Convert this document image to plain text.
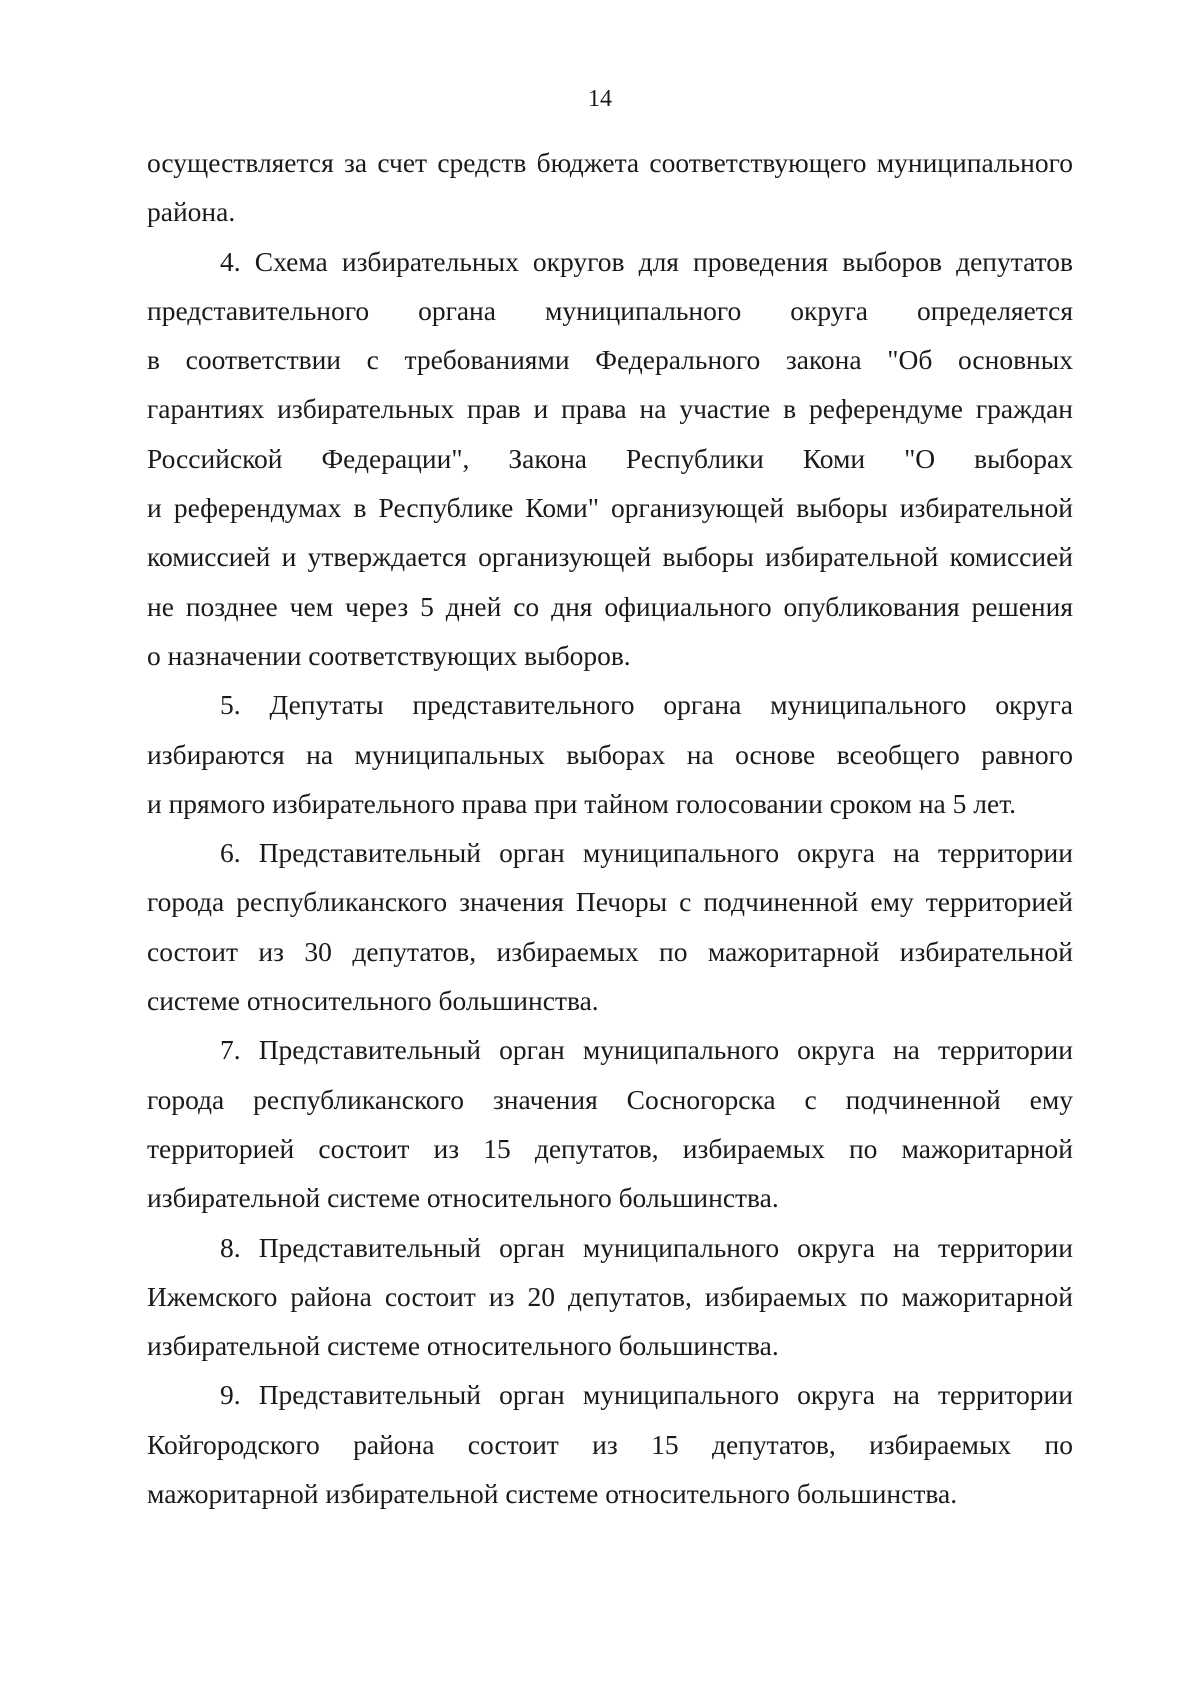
14

осуществляется за счет средств бюджета соответствующего муниципального
района.

4. Схема избирательных округов для проведения выборов депутатов
представительного органа муниципального округа определяется
в соответствии с требованиями Федерального закона "Об основных
гарантиях избирательных прав и права на участие в референдуме граждан
Российской Федерации", Закона Республики Коми "О выборах
и референдумах в Республике Коми" организующей выборы избирательной
комиссией и утверждается организующей выборы избирательной комиссией
не позднее чем через 5 дней со дня официального опубликования решения
о назначении соответствующих выборов.

5. Депутаты представительного органа муниципального округа
избираются на муниципальных выборах на основе всеобщего равного
и прямого избирательного права при тайном голосовании сроком на 5 лет.

6. Представительный орган муниципального округа на территории
города республиканского значения Печоры с подчиненной ему территорией
состоит из 30 депутатов, избираемых по мажоритарной избирательной
системе относительного большинства.

7. Представительный орган муниципального округа на территории
города республиканского значения Сосногорска с подчиненной ему
территорией состоит из 15 депутатов, избираемых по мажоритарной
избирательной системе относительного большинства.

8. Представительный орган муниципального округа на территории
Ижемского района состоит из 20 депутатов, избираемых по мажоритарной
избирательной системе относительного большинства.

9. Представительный орган муниципального округа на территории
Койгородского района состоит из 15 депутатов, избираемых по
мажоритарной избирательной системе относительного большинства.
